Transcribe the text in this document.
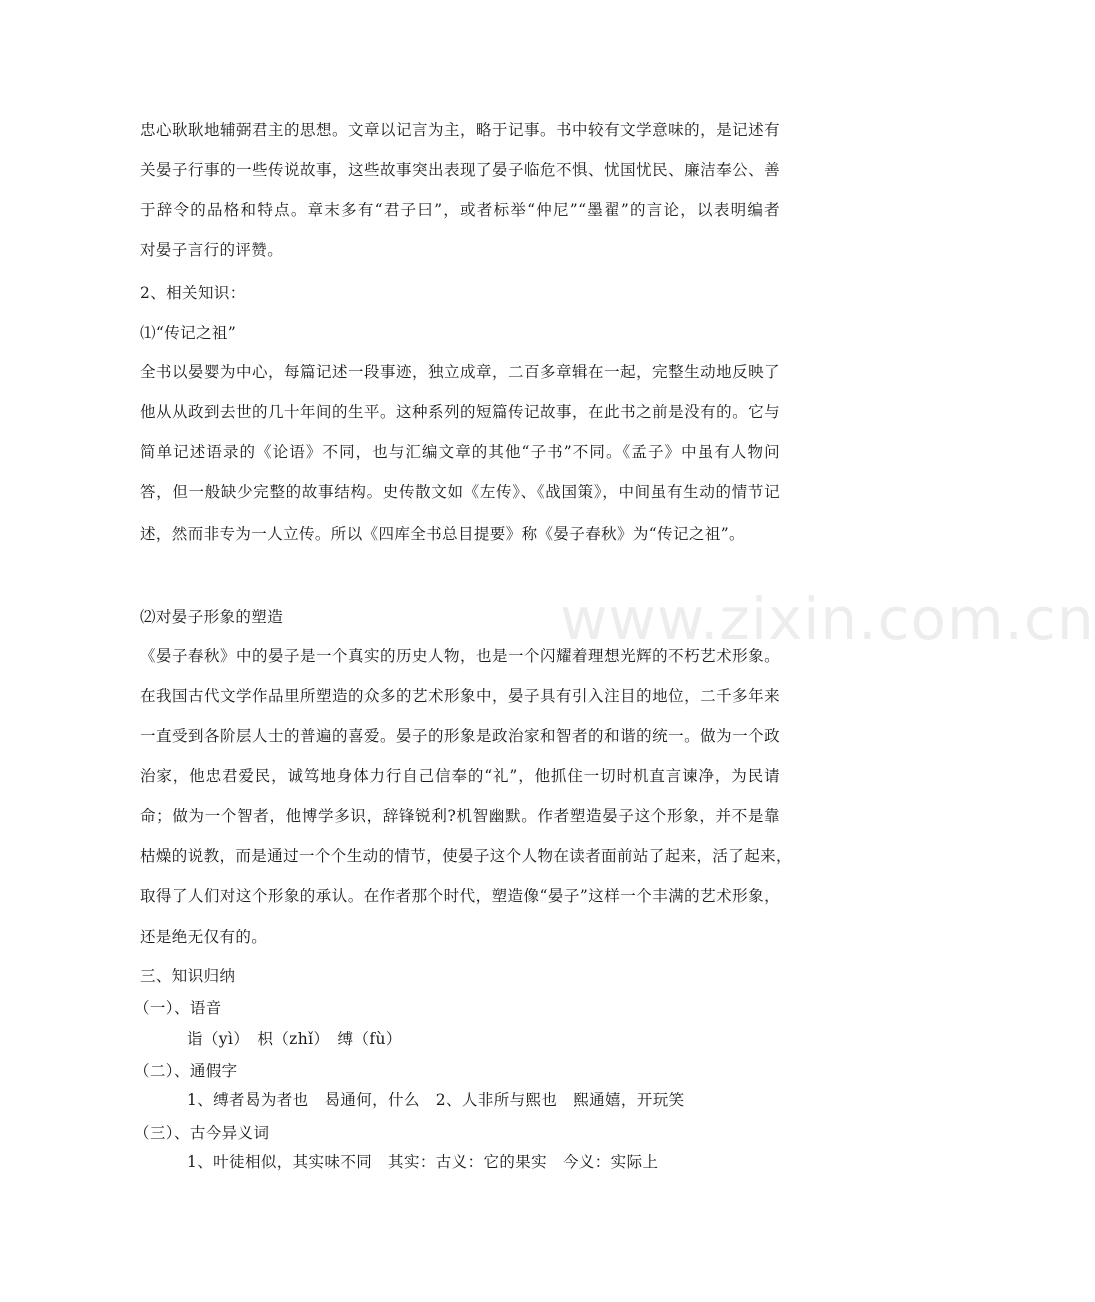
www.zixin.com.cn
忠心耿耿地辅弼君主的思想。文章以记言为主，略于记事。书中较有文学意味的，是记述有
关晏子行事的一些传说故事，这些故事突出表现了晏子临危不惧、忧国忧民、廉洁奉公、善
于辞令的品格和特点。章末多有“君子曰”，或者标举“仲尼”“墨翟”的言论，以表明编者
对晏子言行的评赞。
2、相关知识：
⑴“传记之祖”
全书以晏婴为中心，每篇记述一段事迹，独立成章，二百多章辑在一起，完整生动地反映了
他从从政到去世的几十年间的生平。这种系列的短篇传记故事，在此书之前是没有的。它与
简单记述语录的《论语》不同，也与汇编文章的其他“子书”不同。《孟子》中虽有人物问
答，但一般缺少完整的故事结构。史传散文如《左传》、《战国策》，中间虽有生动的情节记
述，然而非专为一人立传。所以《四库全书总目提要》称《晏子春秋》为“传记之祖”。
⑵对晏子形象的塑造
《晏子春秋》中的晏子是一个真实的历史人物，也是一个闪耀着理想光辉的不朽艺术形象。
在我国古代文学作品里所塑造的众多的艺术形象中，晏子具有引入注目的地位，二千多年来
一直受到各阶层人士的普遍的喜爱。晏子的形象是政治家和智者的和谐的统一。做为一个政
治家，他忠君爱民，诚笃地身体力行自己信奉的“礼”，他抓住一切时机直言谏净，为民请
命；做为一个智者，他博学多识，辞锋锐利?机智幽默。作者塑造晏子这个形象，并不是靠
枯燥的说教，而是通过一个个生动的情节，使晏子这个人物在读者面前站了起来，活了起来，
取得了人们对这个形象的承认。在作者那个时代，塑造像“晏子”这样一个丰满的艺术形象，
还是绝无仅有的。
三、知识归纳
（一）、语音
诣（yì）　枳（zhǐ）　缚（fù）
（二）、通假字
1、缚者曷为者也　曷通何，什么　2、人非所与熙也　熙通嬉，开玩笑
（三）、古今异义词
1、叶徒相似，其实味不同　其实：古义：它的果实　今义：实际上
